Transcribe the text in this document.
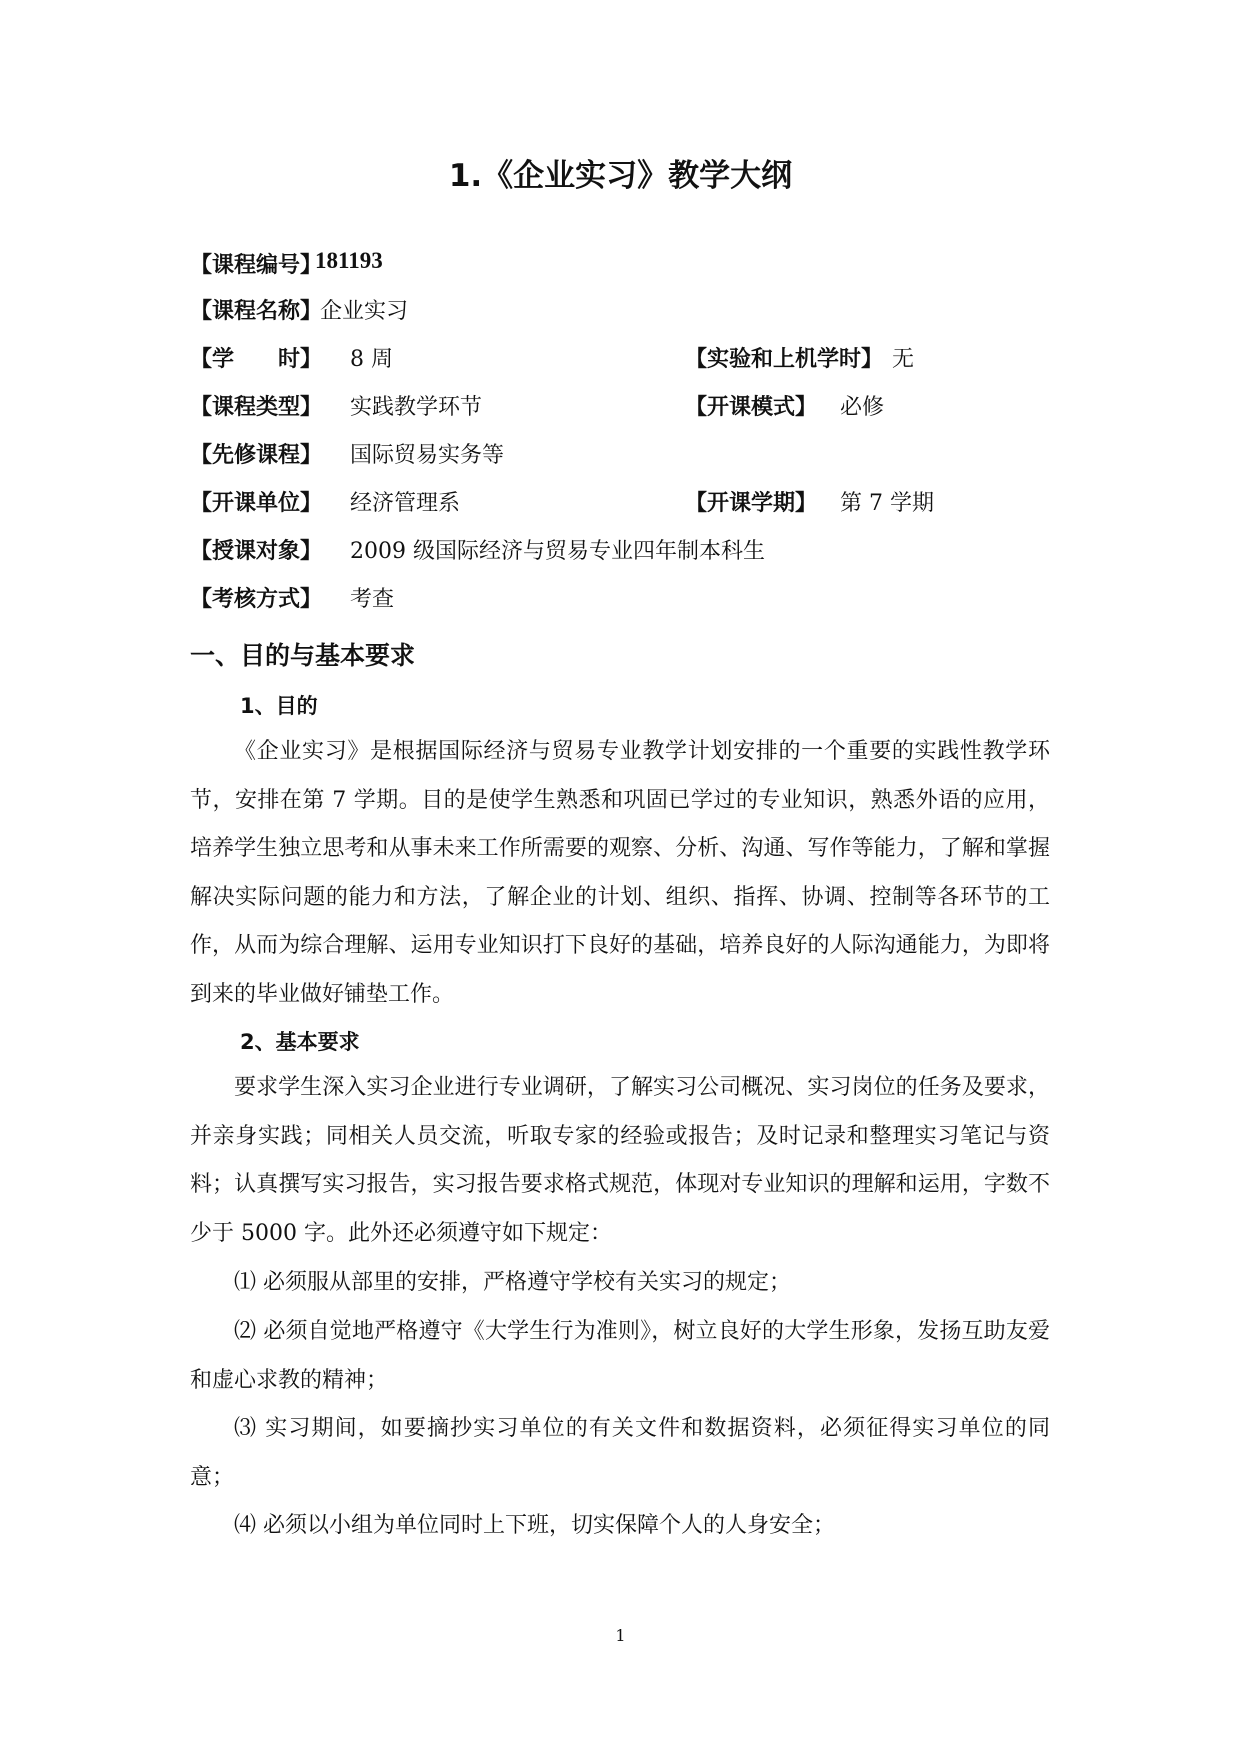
1.《企业实习》教学大纲
【课程编号】
181193
【课程名称】
企业实习
【学　　时】 8 周	【实验和上机学时】 无
【课程类型】 实践教学环节	【开课模式】 必修
【先修课程】 国际贸易实务等
【开课单位】 经济管理系	【开课学期】 第 7 学期
【授课对象】 2009 级国际经济与贸易专业四年制本科生
【考核方式】 考查
一、目的与基本要求
1、目的

《企业实习》是根据国际经济与贸易专业教学计划安排的一个重要的实践性教学环节，安排在第 7 学期。目的是使学生熟悉和巩固已学过的专业知识，熟悉外语的应用，培养学生独立思考和从事未来工作所需要的观察、分析、沟通、写作等能力，了解和掌握解决实际问题的能力和方法，了解企业的计划、组织、指挥、协调、控制等各环节的工作，从而为综合理解、运用专业知识打下良好的基础，培养良好的人际沟通能力，为即将到来的毕业做好铺垫工作。

2、基本要求

要求学生深入实习企业进行专业调研，了解实习公司概况、实习岗位的任务及要求，并亲身实践；同相关人员交流，听取专家的经验或报告；及时记录和整理实习笔记与资料；认真撰写实习报告，实习报告要求格式规范，体现对专业知识的理解和运用，字数不少于 5000 字。此外还必须遵守如下规定：

⑴ 必须服从部里的安排，严格遵守学校有关实习的规定；

⑵ 必须自觉地严格遵守《大学生行为准则》，树立良好的大学生形象，发扬互助友爱和虚心求教的精神；

⑶ 实习期间，如要摘抄实习单位的有关文件和数据资料，必须征得实习单位的同意；

⑷ 必须以小组为单位同时上下班，切实保障个人的人身安全；

1
